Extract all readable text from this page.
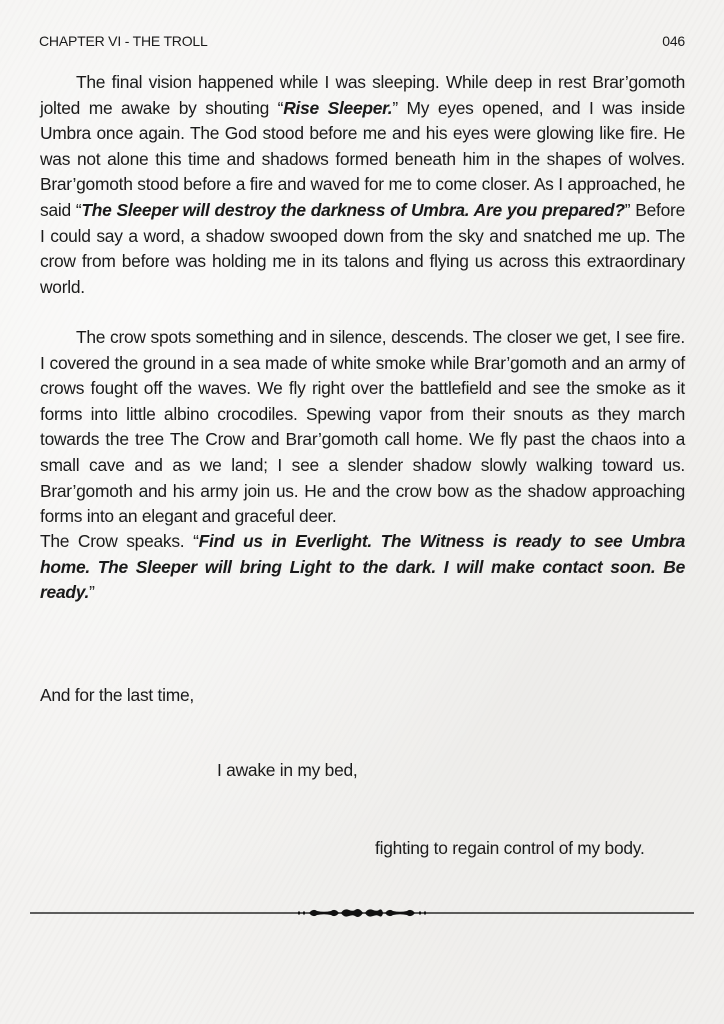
CHAPTER VI - THE TROLL	046
The final vision happened while I was sleeping. While deep in rest Brar’gomoth jolted me awake by shouting “Rise Sleeper.” My eyes opened, and I was inside Umbra once again. The God stood before me and his eyes were glowing like fire. He was not alone this time and shadows formed beneath him in the shapes of wolves. Brar’gomoth stood before a fire and waved for me to come closer. As I approached, he said “The Sleeper will destroy the darkness of Umbra. Are you prepared?” Before I could say a word, a shadow swooped down from the sky and snatched me up. The crow from before was holding me in its talons and flying us across this extraordinary world.
The crow spots something and in silence, descends. The closer we get, I see fire. I covered the ground in a sea made of white smoke while Brar’gomoth and an army of crows fought off the waves. We fly right over the battlefield and see the smoke as it forms into little albino crocodiles. Spewing vapor from their snouts as they march towards the tree The Crow and Brar’gomoth call home. We fly past the chaos into a small cave and as we land; I see a slender shadow slowly walking toward us. Brar’gomoth and his army join us. He and the crow bow as the shadow approaching forms into an elegant and graceful deer.
The Crow speaks. “Find us in Everlight. The Witness is ready to see Umbra home. The Sleeper will bring Light to the dark. I will make contact soon. Be ready.”
And for the last time,
I awake in my bed,
fighting to regain control of my body.
